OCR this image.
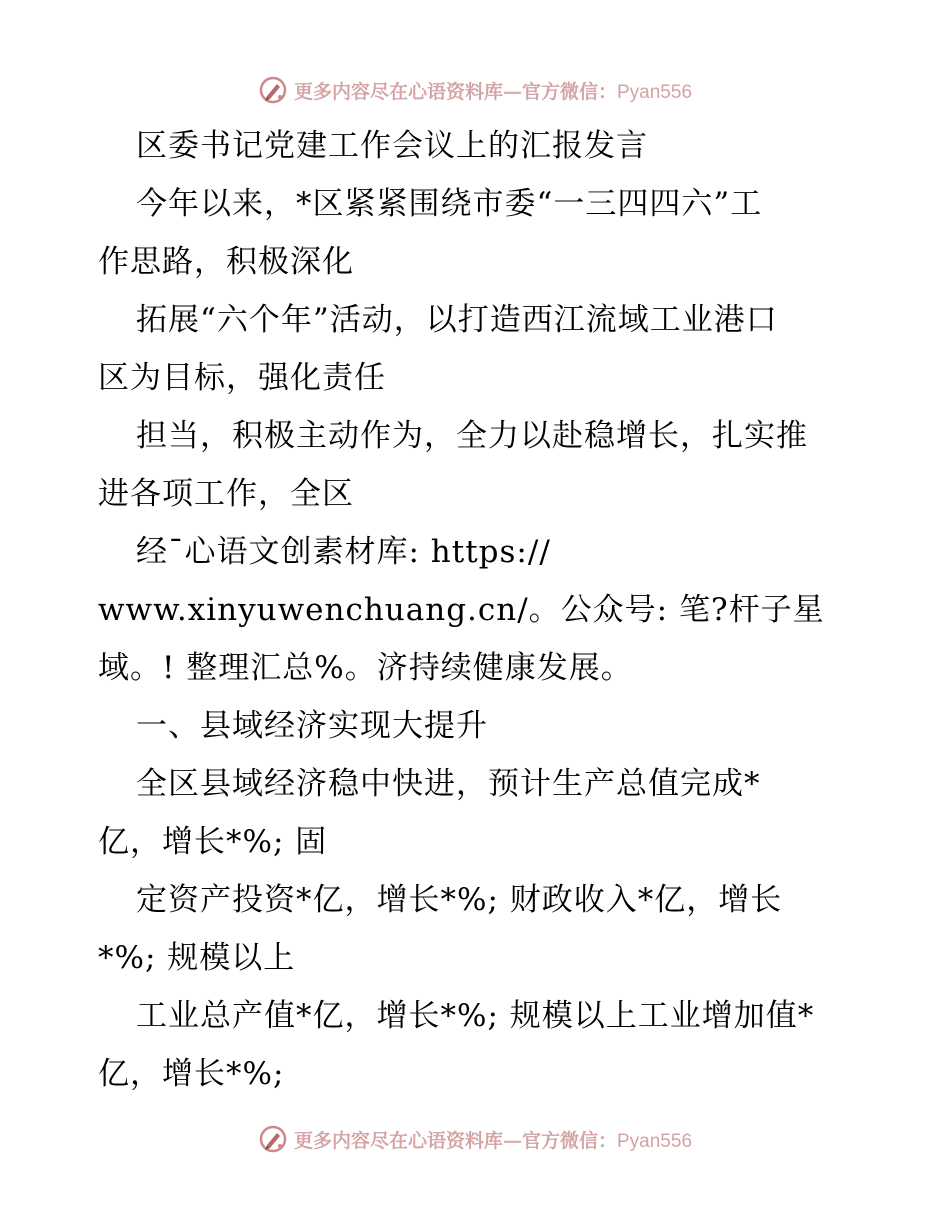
更多内容尽在心语资料库—官方微信：Pyan556
区委书记党建工作会议上的汇报发言
今年以来，*区紧紧围绕市委“一三四四六”工
作思路，积极深化
拓展“六个年”活动，以打造西江流域工业港口
区为目标，强化责任
担当，积极主动作为，全力以赴稳增长，扎实推
进各项工作，全区
经¯心语文创素材库: https://
www.xinyuwenchuang.cn/。公众号: 笔?杆子星
域。! 整理汇总%。济持续健康发展。
一、县域经济实现大提升
全区县域经济稳中快进，预计生产总值完成*
亿，增长*%; 固
定资产投资*亿，增长*%; 财政收入*亿，增长
*%; 规模以上
工业总产值*亿，增长*%; 规模以上工业增加值*
亿，增长*%;
更多内容尽在心语资料库—官方微信：Pyan556
